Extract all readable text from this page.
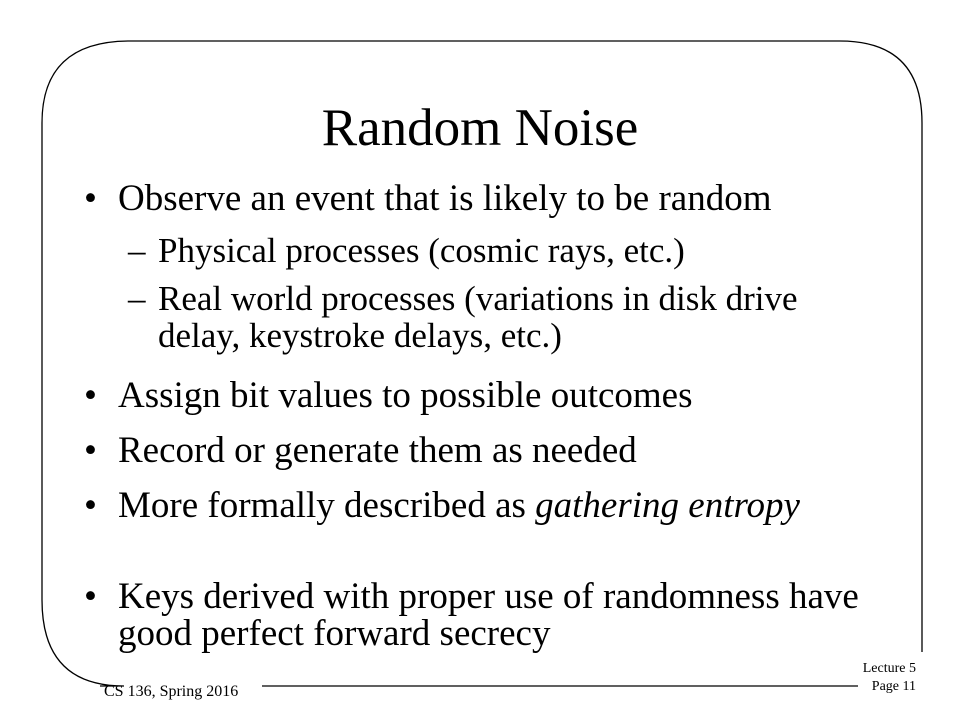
Random Noise
• Observe an event that is likely to be random
– Physical processes (cosmic rays, etc.)
– Real world processes (variations in disk drive delay, keystroke delays, etc.)
• Assign bit values to possible outcomes
• Record or generate them as needed
• More formally described as gathering entropy
• Keys derived with proper use of randomness have good perfect forward secrecy
CS 136, Spring 2016
Lecture 5
Page 11
